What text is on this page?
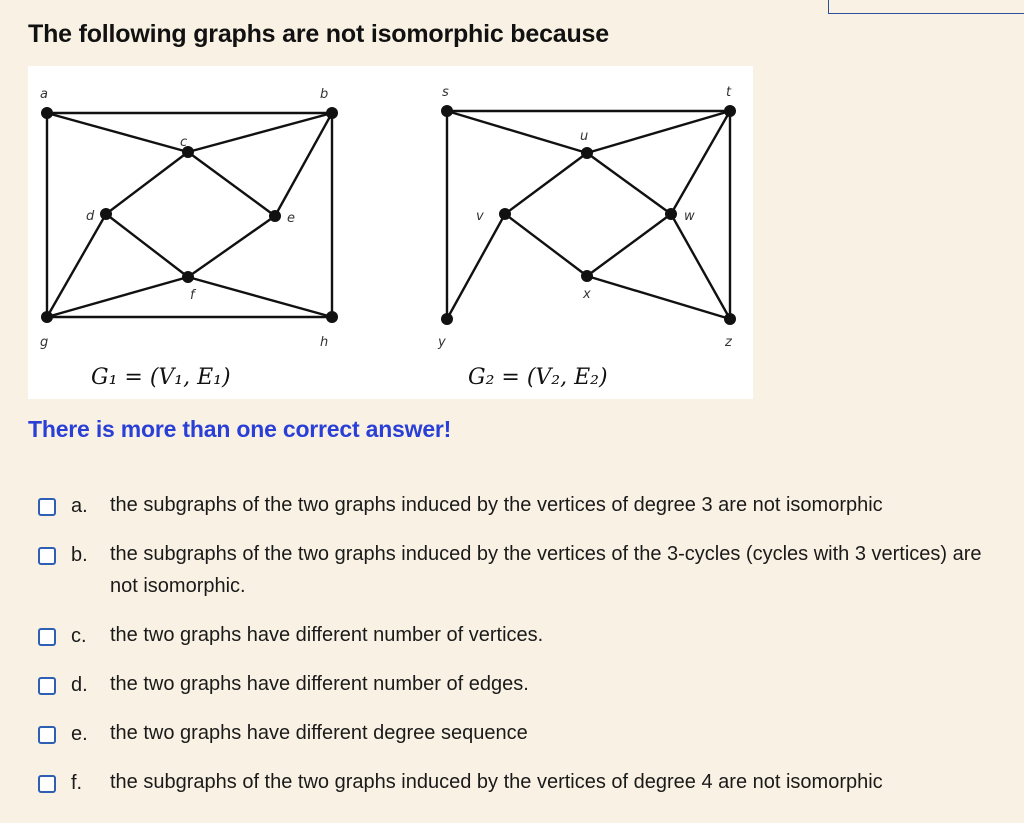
The following graphs are not isomorphic because
a	b
c
d	e
f
g	h
s	t
u
v	w
x
y	z
G₁ = (V₁, E₁)	G₂ = (V₂, E₂)

There is more than one correct answer!

a. the subgraphs of the two graphs induced by the vertices of degree 3 are not isomorphic
b. the subgraphs of the two graphs induced by the vertices of the 3-cycles (cycles with 3 vertices) are not isomorphic.
c. the two graphs have different number of vertices.
d. the two graphs have different number of edges.
e. the two graphs have different degree sequence
f. the subgraphs of the two graphs induced by the vertices of degree 4 are not isomorphic
